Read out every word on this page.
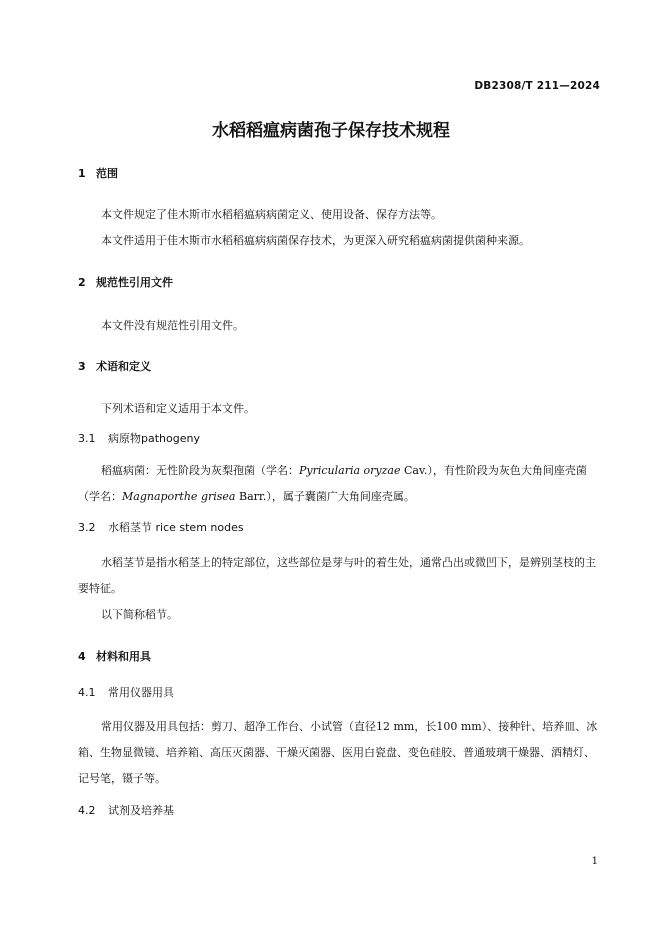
DB2308/T 211—2024
水稻稻瘟病菌孢子保存技术规程
1 范围
本文件规定了佳木斯市水稻稻瘟病病菌定义、使用设备、保存方法等。
本文件适用于佳木斯市水稻稻瘟病病菌保存技术，为更深入研究稻瘟病菌提供菌种来源。
2 规范性引用文件
本文件没有规范性引用文件。
3 术语和定义
下列术语和定义适用于本文件。
3.1 病原物pathogeny
稻瘟病菌：无性阶段为灰梨孢菌（学名：Pyricularia oryzae Cav.），有性阶段为灰色大角间座壳菌（学名：Magnaporthe grisea Barr.），属子囊菌广大角间座壳属。
3.2 水稻茎节 rice stem nodes
水稻茎节是指水稻茎上的特定部位，这些部位是芽与叶的着生处，通常凸出或微凹下，是辨别茎枝的主要特征。
以下简称稻节。
4 材料和用具
4.1 常用仪器用具
常用仪器及用具包括：剪刀、超净工作台、小试管（直径12 mm，长100 mm）、接种针、培养皿、冰箱、生物显微镜、培养箱、高压灭菌器、干燥灭菌器、医用白瓷盘、变色硅胶、普通玻璃干燥器、酒精灯、记号笔，镊子等。
4.2 试剂及培养基
1
